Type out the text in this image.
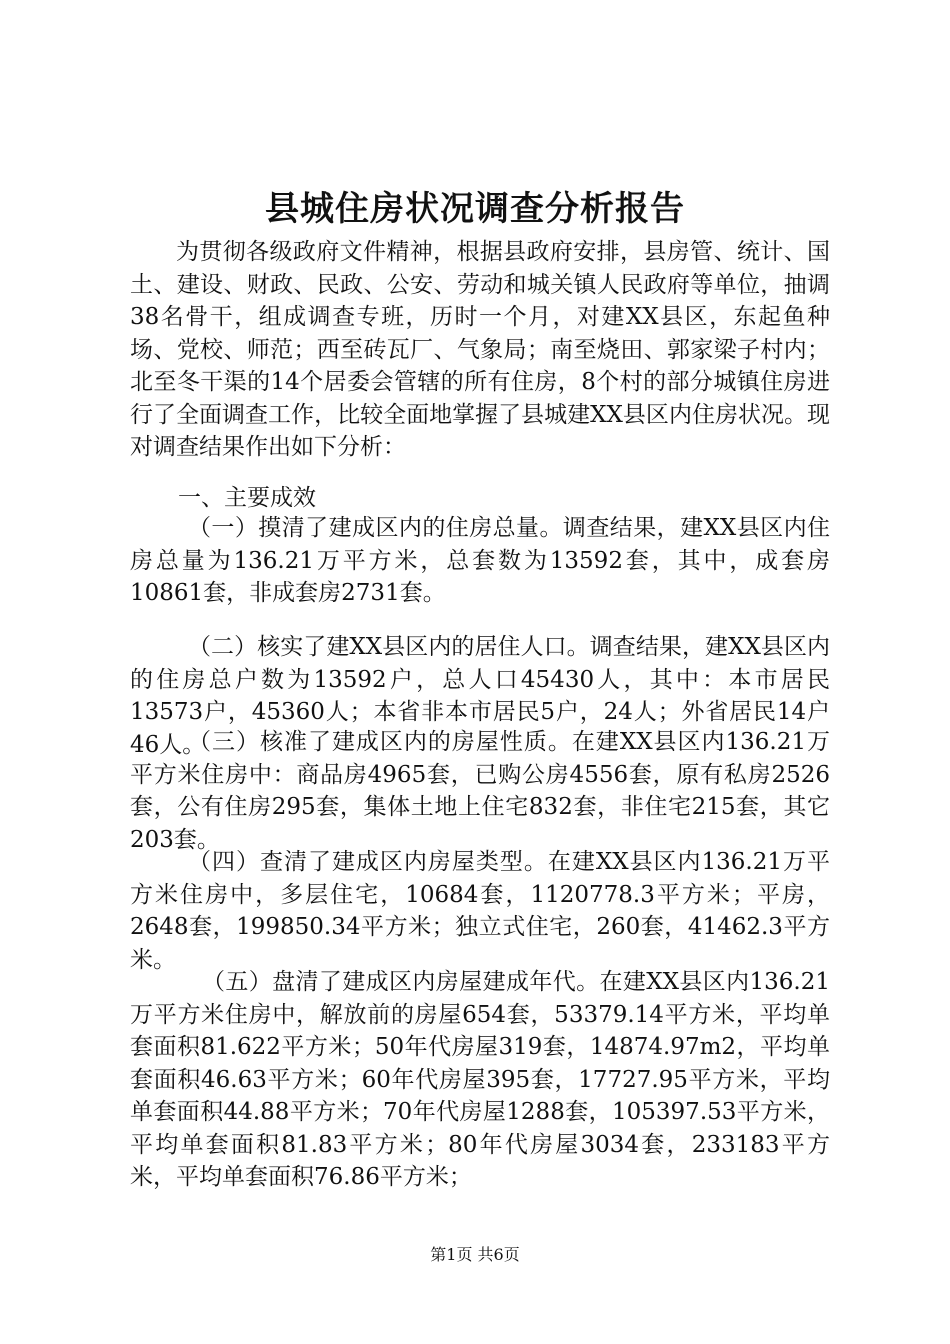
县城住房状况调查分析报告

为贯彻各级政府文件精神，根据县政府安排，县房管、统计、国土、建设、财政、民政、公安、劳动和城关镇人民政府等单位，抽调38名骨干，组成调查专班，历时一个月，对建XX县区，东起鱼种场、党校、师范；西至砖瓦厂、气象局；南至烧田、郭家梁子村内；北至冬干渠的14个居委会管辖的所有住房，8个村的部分城镇住房进行了全面调查工作，比较全面地掌握了县城建XX县区内住房状况。现对调查结果作出如下分析：

一、主要成效

（一）摸清了建成区内的住房总量。调查结果，建XX县区内住房总量为136.21万平方米，总套数为13592套，其中，成套房10861套，非成套房2731套。

（二）核实了建XX县区内的居住人口。调查结果，建XX县区内的住房总户数为13592户，总人口45430人，其中：本市居民13573户，45360人；本省非本市居民5户，24人；外省居民14户46人。

（三）核准了建成区内的房屋性质。在建XX县区内136.21万平方米住房中：商品房4965套，已购公房4556套，原有私房2526套，公有住房295套，集体土地上住宅832套，非住宅215套，其它203套。

（四）查清了建成区内房屋类型。在建XX县区内136.21万平方米住房中，多层住宅，10684套，1120778.3平方米；平房，2648套，199850.34平方米；独立式住宅，260套，41462.3平方米。

（五）盘清了建成区内房屋建成年代。在建XX县区内136.21万平方米住房中，解放前的房屋654套，53379.14平方米，平均单套面积81.622平方米；50年代房屋319套，14874.97m2，平均单套面积46.63平方米；60年代房屋395套，17727.95平方米，平均单套面积44.88平方米；70年代房屋1288套，105397.53平方米，平均单套面积81.83平方米；80年代房屋3034套，233183平方米，平均单套面积76.86平方米；

第1页 共6页
